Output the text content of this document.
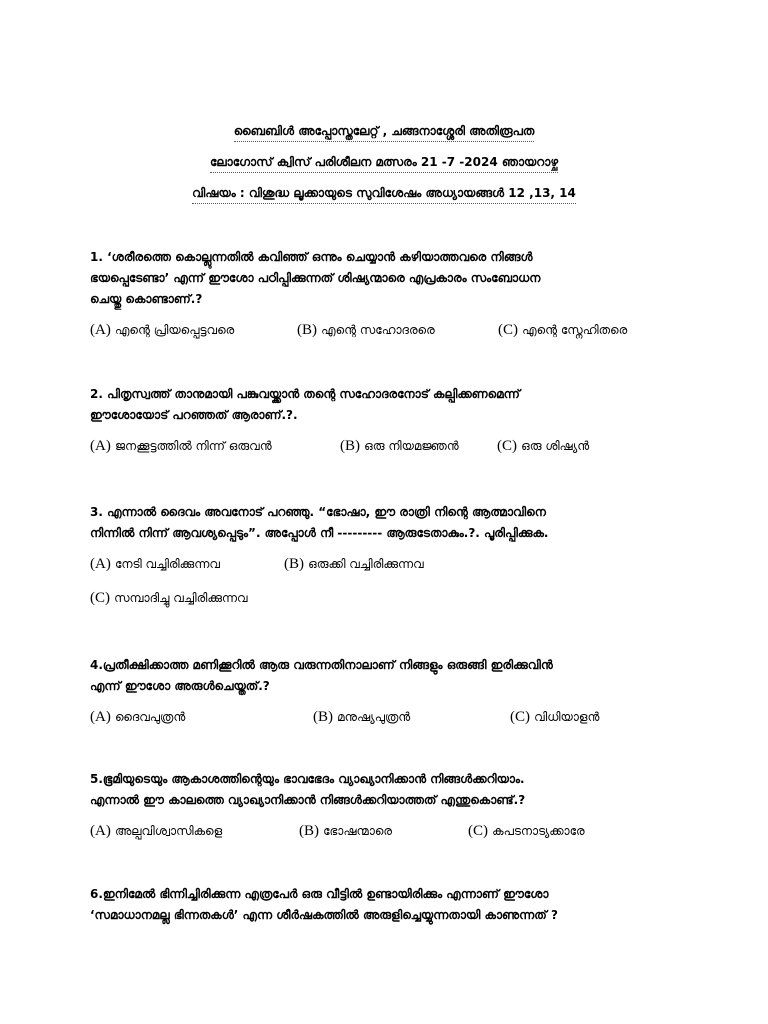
ബൈബിൾ അപ്പോസ്തലേറ്റ് , ചങ്ങനാശ്ശേരി അതിരൂപത
ലോഗോസ് ക്വിസ് പരിശീലന മത്സരം 21 -7 -2024 ഞായറാഴ്ച
വിഷയം : വിശുദ്ധ ലൂക്കായുടെ സുവിശേഷം അധ്യായങ്ങൾ 12 ,13, 14

1. ‘ശരീരത്തെ കൊല്ലുന്നതിൽ കവിഞ്ഞ് ഒന്നും ചെയ്യാൻ കഴിയാത്തവരെ നിങ്ങൾ

ഭയപ്പെടേണ്ടാ’ എന്ന് ഈശോ പഠിപ്പിക്കുന്നത് ശിഷ്യന്മാരെ എപ്രകാരം സംബോധന

ചെയ്തു കൊണ്ടാണ്.?

(A) എന്റെ പ്രിയപ്പെട്ടവരെ	(B) എന്റെ സഹോദരരെ	(C) എന്റെ സ്നേഹിതരെ

2. പിതൃസ്വത്ത് താനുമായി പങ്കുവയ്ക്കാൻ തന്റെ സഹോദരനോട് കല്പിക്കണമെന്ന്

ഈശോയോട് പറഞ്ഞത് ആരാണ്.?.

(A) ജനക്കൂട്ടത്തിൽ നിന്ന് ഒരുവൻ	(B) ഒരു നിയമജ്ഞൻ	(C) ഒരു ശിഷ്യൻ

3. എന്നാൽ ദൈവം അവനോട് പറഞ്ഞു. “ഭോഷാ, ഈ രാത്രി നിന്റെ ആത്മാവിനെ

നിന്നിൽ നിന്ന് ആവശ്യപ്പെടും”. അപ്പോൾ നീ --------- ആരുടേതാകും.?. പൂരിപ്പിക്കുക.

(A) നേടി വച്ചിരിക്കുന്നവ	(B) ഒരുക്കി വച്ചിരിക്കുന്നവ
(C) സമ്പാദിച്ചു വച്ചിരിക്കുന്നവ

4.പ്രതീക്ഷിക്കാത്ത മണിക്കൂറിൽ ആരു വരുന്നതിനാലാണ് നിങ്ങളും ഒരുങ്ങി ഇരിക്കുവിൻ

എന്ന് ഈശോ അരുൾചെയ്തത്.?

(A) ദൈവപുത്രൻ	(B) മനുഷ്യപുത്രൻ	(C) വിധിയാളൻ

5.ഭൂമിയുടെയും ആകാശത്തിന്റെയും ഭാവഭേദം വ്യാഖ്യാനിക്കാൻ നിങ്ങൾക്കറിയാം.

എന്നാൽ ഈ കാലത്തെ വ്യാഖ്യാനിക്കാൻ നിങ്ങൾക്കറിയാത്തത് എന്തുകൊണ്ട്.?

(A) അല്പവിശ്വാസികളെ	(B) ഭോഷന്മാരെ	(C) കപടനാട്യക്കാരേ

6.ഇനിമേൽ ഭിന്നിച്ചിരിക്കുന്ന എത്രപേർ ഒരു വീട്ടിൽ ഉണ്ടായിരിക്കും എന്നാണ് ഈശോ

‘സമാധാനമല്ല ഭിന്നതകൾ’ എന്ന ശീർഷകത്തിൽ അരുളിച്ചെയ്യുന്നതായി കാണുന്നത് ?
